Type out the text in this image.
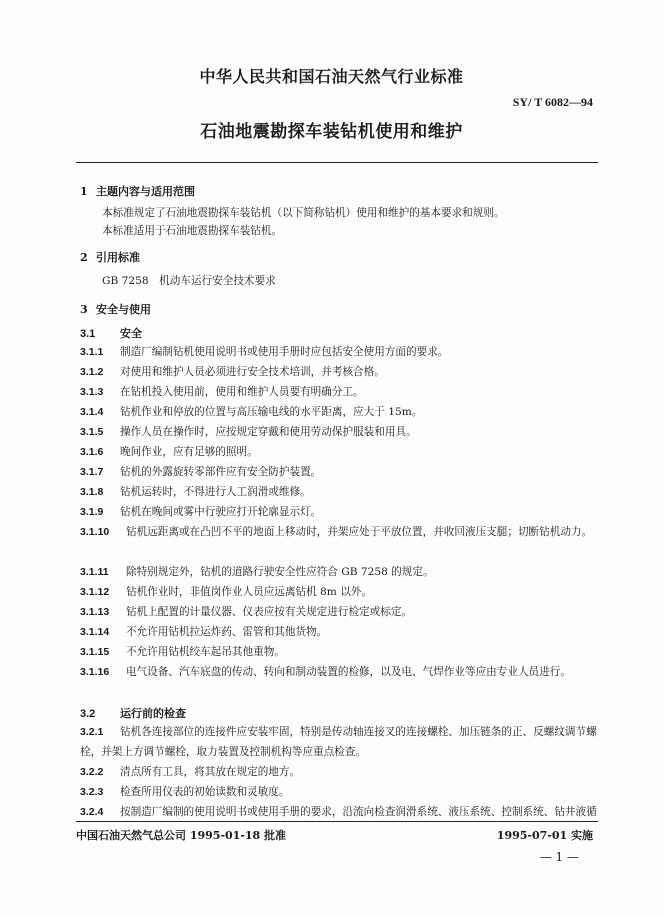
中华人民共和国石油天然气行业标准
SY/ T 6082—94
石油地震勘探车装钻机使用和维护
1 主题内容与适用范围
本标准规定了石油地震勘探车装钻机（以下简称钻机）使用和维护的基本要求和规则。
本标准适用于石油地震勘探车装钻机。
2 引用标准
GB 7258　机动车运行安全技术要求
3 安全与使用
3.1 安全
3.1.1 制造厂编制钻机使用说明书或使用手册时应包括安全使用方面的要求。
3.1.2 对使用和维护人员必须进行安全技术培训，并考核合格。
3.1.3 在钻机投入使用前，使用和维护人员要有明确分工。
3.1.4 钻机作业和停放的位置与高压输电线的水平距离，应大于 15m。
3.1.5 操作人员在操作时，应按规定穿戴和使用劳动保护服装和用具。
3.1.6 晚间作业，应有足够的照明。
3.1.7 钻机的外露旋转零部件应有安全防护装置。
3.1.8 钻机运转时，不得进行人工润滑或维修。
3.1.9 钻机在晚间或雾中行驶应打开轮廓显示灯。
3.1.10 钻机远距离或在凸凹不平的地面上移动时，并架应处于平放位置，并收回液压支腿；切断钻机动力。
3.1.11 除特别规定外，钻机的道路行驶安全性应符合 GB 7258 的规定。
3.1.12 钻机作业时，非值岗作业人员应远离钻机 8m 以外。
3.1.13 钻机上配置的计量仪器、仪表应按有关规定进行检定或标定。
3.1.14 不允许用钻机拉运炸药、雷管和其他货物。
3.1.15 不允许用钻机绞车起吊其他重物。
3.1.16 电气设备、汽车底盘的传动、转向和制动装置的检修，以及电、气焊作业等应由专业人员进行。
3.2 运行前的检查
3.2.1 钻机各连接部位的连接件应安装牢固，特别是传动轴连接叉的连接螺栓、加压链条的正、反螺纹调节螺栓，并架上方调节螺栓，取力装置及控制机构等应重点检查。
3.2.2 清点所有工具，将其放在规定的地方。
3.2.3 检查所用仪表的初始读数和灵敏度。
3.2.4 按制造厂编制的使用说明书或使用手册的要求，沿流向检查润滑系统、液压系统、控制系统、钻井液循
中国石油天然气总公司 1995-01-18 批准	1995-07-01 实施
— 1 —
